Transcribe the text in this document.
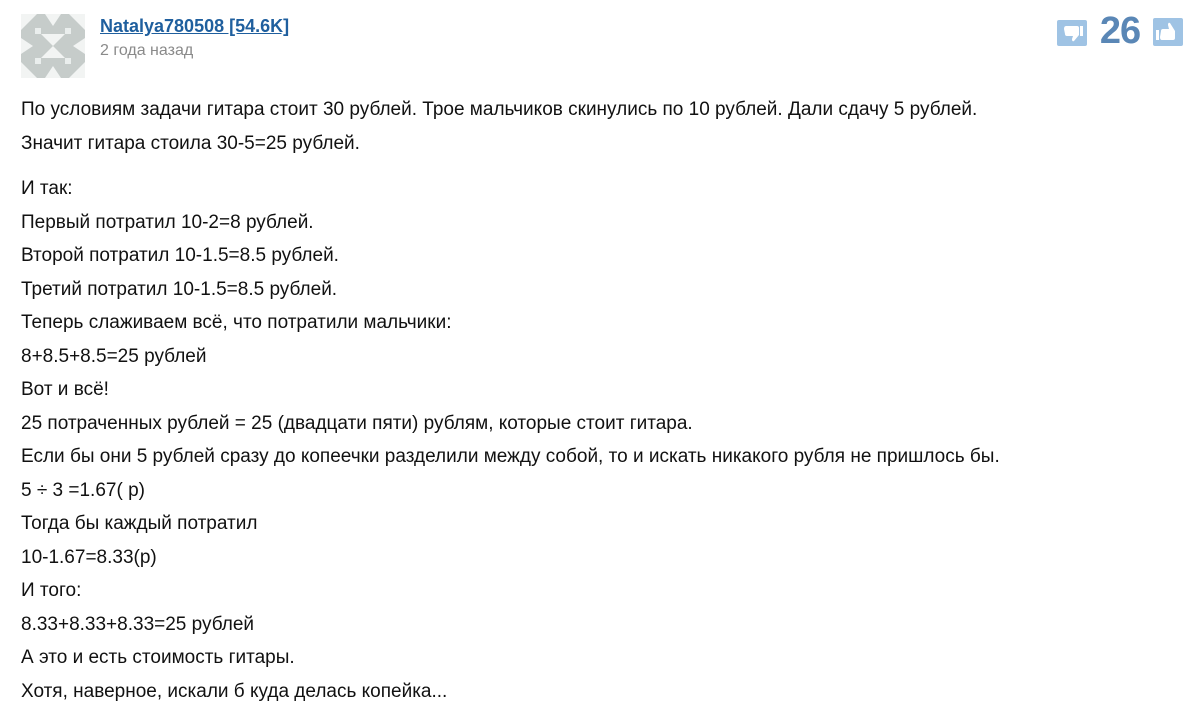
Natalya780508 [54.6K]
2 года назад	26

По условиям задачи гитара стоит 30 рублей. Трое мальчиков скинулись по 10 рублей. Дали сдачу 5 рублей.

Значит гитара стоила 30-5=25 рублей.

И так:

Первый потратил 10-2=8 рублей.

Второй потратил 10-1.5=8.5 рублей.

Третий потратил 10-1.5=8.5 рублей.

Теперь слаживаем всё, что потратили мальчики:

8+8.5+8.5=25 рублей

Вот и всё!

25 потраченных рублей = 25 (двадцати пяти) рублям, которые стоит гитара.

Если бы они 5 рублей сразу до копеечки разделили между собой, то и искать никакого рубля не пришлось бы.

5 ÷ 3 =1.67( р)

Тогда бы каждый потратил

10-1.67=8.33(р)

И того:

8.33+8.33+8.33=25 рублей

А это и есть стоимость гитары.

Хотя, наверное, искали б куда делась копейка...
